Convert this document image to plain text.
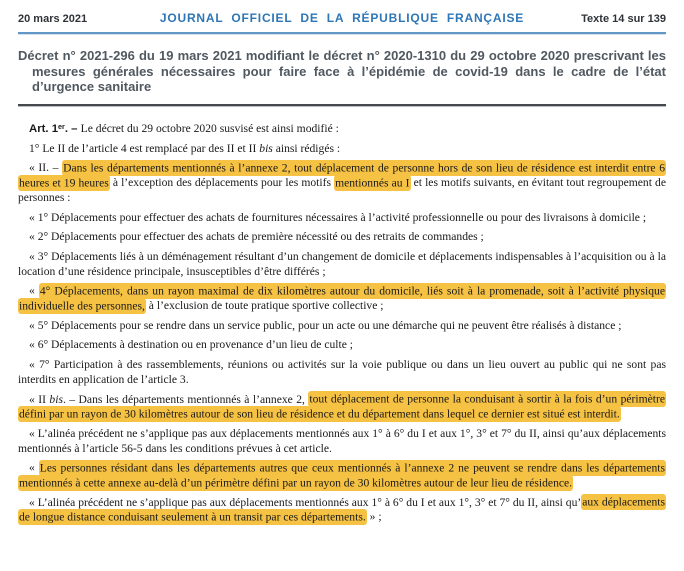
20 mars 2021	JOURNAL OFFICIEL DE LA RÉPUBLIQUE FRANÇAISE	Texte 14 sur 139
Décret n° 2021-296 du 19 mars 2021 modifiant le décret n° 2020-1310 du 29 octobre 2020 prescrivant les mesures générales nécessaires pour faire face à l’épidémie de covid-19 dans le cadre de l’état d’urgence sanitaire

Art. 1er. – Le décret du 29 octobre 2020 susvisé est ainsi modifié :

1° Le II de l’article 4 est remplacé par des II et II bis ainsi rédigés :

« II. – Dans les départements mentionnés à l’annexe 2, tout déplacement de personne hors de son lieu de résidence est interdit entre 6 heures et 19 heures à l’exception des déplacements pour les motifs mentionnés au I et les motifs suivants, en évitant tout regroupement de personnes :

« 1° Déplacements pour effectuer des achats de fournitures nécessaires à l’activité professionnelle ou pour des livraisons à domicile ;

« 2° Déplacements pour effectuer des achats de première nécessité ou des retraits de commandes ;

« 3° Déplacements liés à un déménagement résultant d’un changement de domicile et déplacements indispensables à l’acquisition ou à la location d’une résidence principale, insusceptibles d’être différés ;

« 4° Déplacements, dans un rayon maximal de dix kilomètres autour du domicile, liés soit à la promenade, soit à l’activité physique individuelle des personnes, à l’exclusion de toute pratique sportive collective ;

« 5° Déplacements pour se rendre dans un service public, pour un acte ou une démarche qui ne peuvent être réalisés à distance ;

« 6° Déplacements à destination ou en provenance d’un lieu de culte ;

« 7° Participation à des rassemblements, réunions ou activités sur la voie publique ou dans un lieu ouvert au public qui ne sont pas interdits en application de l’article 3.

« II bis. – Dans les départements mentionnés à l’annexe 2, tout déplacement de personne la conduisant à sortir à la fois d’un périmètre défini par un rayon de 30 kilomètres autour de son lieu de résidence et du département dans lequel ce dernier est situé est interdit.

« L’alinéa précédent ne s’applique pas aux déplacements mentionnés aux 1° à 6° du I et aux 1°, 3° et 7° du II, ainsi qu’aux déplacements mentionnés à l’article 56-5 dans les conditions prévues à cet article.

« Les personnes résidant dans les départements autres que ceux mentionnés à l’annexe 2 ne peuvent se rendre dans les départements mentionnés à cette annexe au-delà d’un périmètre défini par un rayon de 30 kilomètres autour de leur lieu de résidence.

« L’alinéa précédent ne s’applique pas aux déplacements mentionnés aux 1° à 6° du I et aux 1°, 3° et 7° du II, ainsi qu’aux déplacements de longue distance conduisant seulement à un transit par ces départements. » ;
